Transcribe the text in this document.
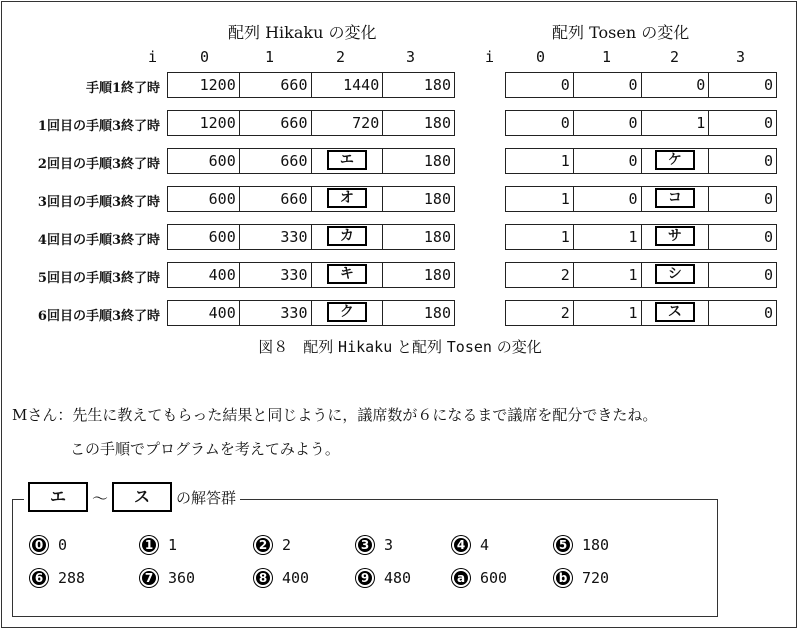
配列 Hikaku の変化	配列 Tosen の変化
i	0	1	2	3	i	0	1	2	3
手順1終了時	1200	660	1440	180	0	0	0	0
1回目の手順3終了時	1200	660	720	180	0	0	1	0
2回目の手順3終了時	600	660	エ	180	1	0	ケ	0
3回目の手順3終了時	600	660	オ	180	1	0	コ	0
4回目の手順3終了時	600	330	カ	180	1	1	サ	0
5回目の手順3終了時	400	330	キ	180	2	1	シ	0
6回目の手順3終了時	400	330	ク	180	2	1	ス	0
図８　配列 Hikaku と配列 Tosen の変化
Mさん：先生に教えてもらった結果と同じように，議席数が６になるまで議席を配分できたね。
この手順でプログラムを考えてみよう。
エ	〜	ス	の解答群
0 0	1 1	2 2	3 3	4 4	5 180
6 288	7 360	8 400	9 480	a 600	b 720
